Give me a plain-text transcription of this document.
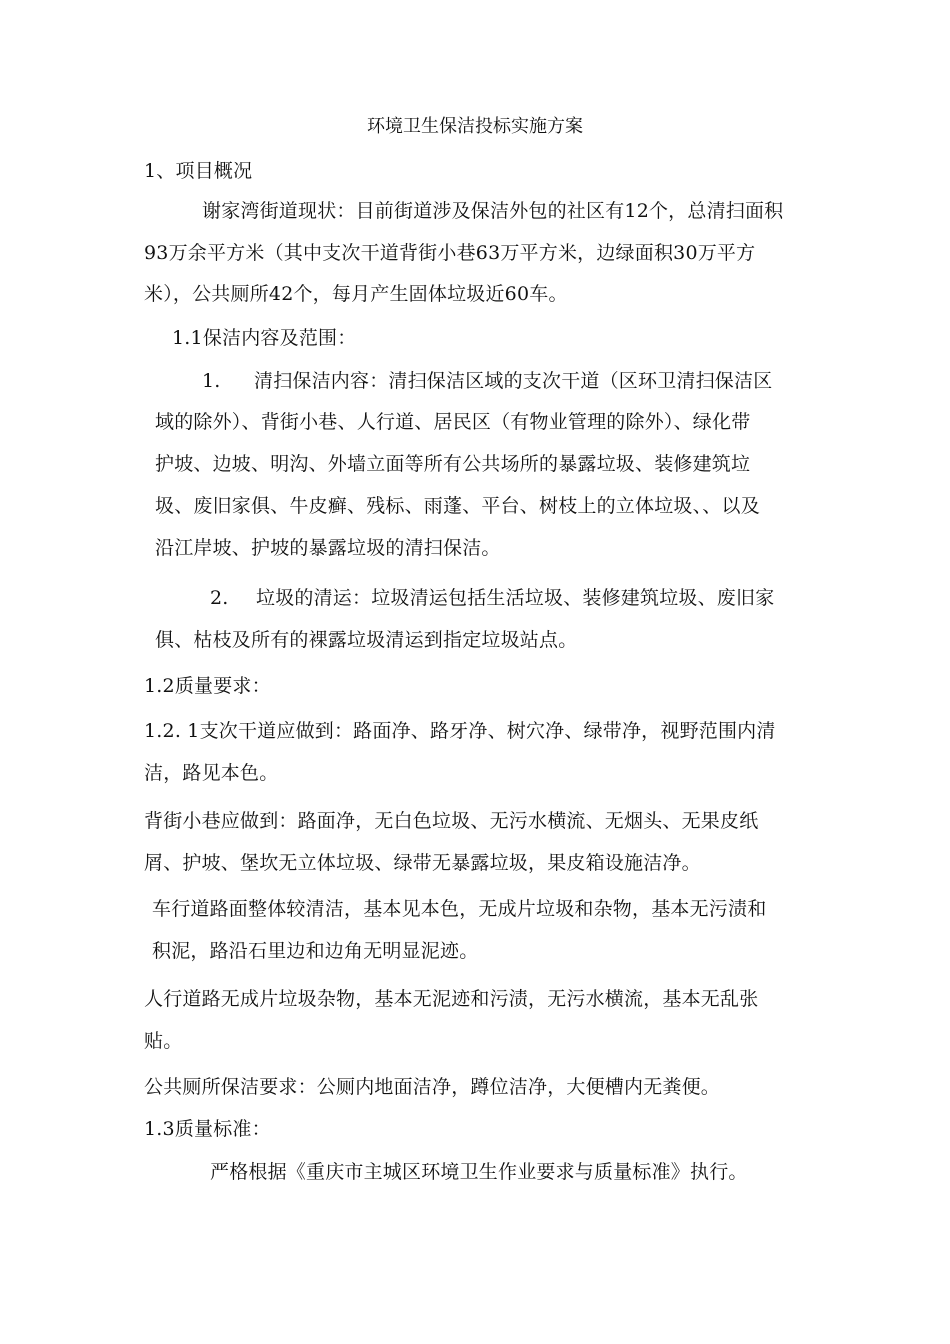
环境卫生保洁投标实施方案
1、项目概况
谢家湾街道现状：目前街道涉及保洁外包的社区有12个，总清扫面积
93万余平方米（其中支次干道背街小巷63万平方米，边绿面积30万平方
米），公共厕所42个，每月产生固体垃圾近60车。
1.1保洁内容及范围：
1. 清扫保洁内容：清扫保洁区域的支次干道（区环卫清扫保洁区
域的除外）、背街小巷、人行道、居民区（有物业管理的除外）、绿化带
护坡、边坡、明沟、外墙立面等所有公共场所的暴露垃圾、装修建筑垃
圾、废旧家俱、牛皮癣、残标、雨蓬、平台、树枝上的立体垃圾、、以及
沿江岸坡、护坡的暴露垃圾的清扫保洁。
2. 垃圾的清运：垃圾清运包括生活垃圾、装修建筑垃圾、废旧家
俱、枯枝及所有的裸露垃圾清运到指定垃圾站点。
1.2质量要求：
1.2. 1支次干道应做到：路面净、路牙净、树穴净、绿带净，视野范围内清
洁，路见本色。
背街小巷应做到：路面净，无白色垃圾、无污水横流、无烟头、无果皮纸
屑、护坡、堡坎无立体垃圾、绿带无暴露垃圾，果皮箱设施洁净。
车行道路面整体较清洁，基本见本色，无成片垃圾和杂物，基本无污渍和
积泥，路沿石里边和边角无明显泥迹。
人行道路无成片垃圾杂物，基本无泥迹和污渍，无污水横流，基本无乱张
贴。
公共厕所保洁要求：公厕内地面洁净，蹲位洁净，大便槽内无粪便。
1.3质量标准：
严格根据《重庆市主城区环境卫生作业要求与质量标准》执行。
